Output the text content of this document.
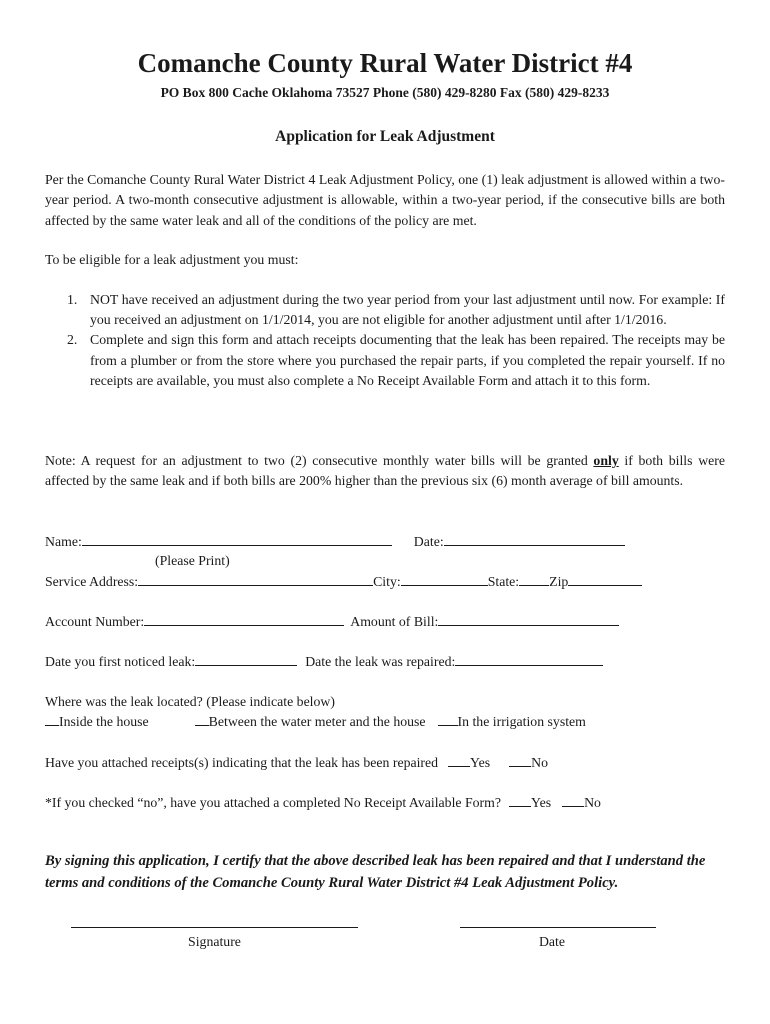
Comanche County Rural Water District #4
PO Box 800 Cache Oklahoma 73527 Phone (580) 429-8280 Fax (580) 429-8233
Application for Leak Adjustment

Per the Comanche County Rural Water District 4 Leak Adjustment Policy, one (1) leak adjustment is allowed within a two-year period. A two-month consecutive adjustment is allowable, within a two-year period, if the consecutive bills are both affected by the same water leak and all of the conditions of the policy are met.

To be eligible for a leak adjustment you must:

1. NOT have received an adjustment during the two year period from your last adjustment until now. For example: If you received an adjustment on 1/1/2014, you are not eligible for another adjustment until after 1/1/2016.
2. Complete and sign this form and attach receipts documenting that the leak has been repaired. The receipts may be from a plumber or from the store where you purchased the repair parts, if you completed the repair yourself. If no receipts are available, you must also complete a No Receipt Available Form and attach it to this form.

Note: A request for an adjustment to two (2) consecutive monthly water bills will be granted only if both bills were affected by the same leak and if both bills are 200% higher than the previous six (6) month average of bill amounts.

Name:	Date:
(Please Print)
Service Address:	City:	State: Zip
Account Number:	Amount of Bill:
Date you first noticed leak:	Date the leak was repaired:
Where was the leak located? (Please indicate below)
Inside the house	Between the water meter and the house In the irrigation system
Have you attached receipts(s) indicating that the leak has been repaired Yes	No
*If you checked “no”, have you attached a completed No Receipt Available Form? Yes No

By signing this application, I certify that the above described leak has been repaired and that I understand the terms and conditions of the Comanche County Rural Water District #4 Leak Adjustment Policy.

Signature	Date
